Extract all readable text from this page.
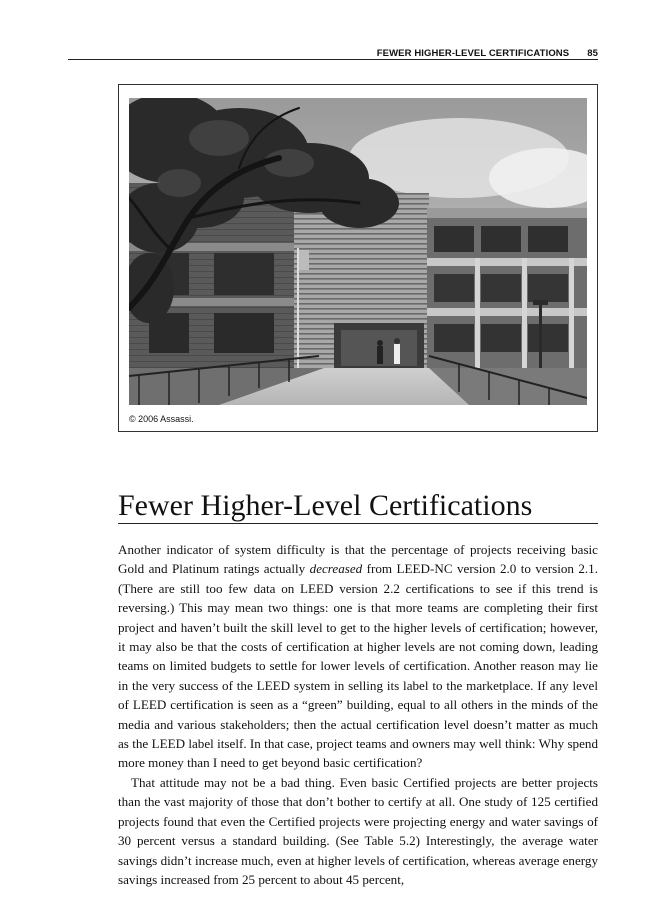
FEWER HIGHER-LEVEL CERTIFICATIONS 85
© 2006 Assassi.
Fewer Higher-Level Certifications

Another indicator of system difficulty is that the percentage of projects receiving basic Gold and Platinum ratings actually decreased from LEED-NC version 2.0 to version 2.1. (There are still too few data on LEED version 2.2 certifications to see if this trend is reversing.) This may mean two things: one is that more teams are completing their first project and haven’t built the skill level to get to the higher levels of certification; however, it may also be that the costs of certification at higher levels are not coming down, leading teams on limited budgets to settle for lower levels of certification. Another reason may lie in the very success of the LEED system in selling its label to the marketplace. If any level of LEED certification is seen as a “green” building, equal to all others in the minds of the media and various stakeholders; then the actual certification level doesn’t matter as much as the LEED label itself. In that case, project teams and owners may well think: Why spend more money than I need to get beyond basic certification?

That attitude may not be a bad thing. Even basic Certified projects are better projects than the vast majority of those that don’t bother to certify at all. One study of 125 certified projects found that even the Certified projects were projecting energy and water savings of 30 percent versus a standard building. (See Table 5.2) Interestingly, the average water savings didn’t increase much, even at higher levels of certification, whereas average energy savings increased from 25 percent to about 45 percent,
